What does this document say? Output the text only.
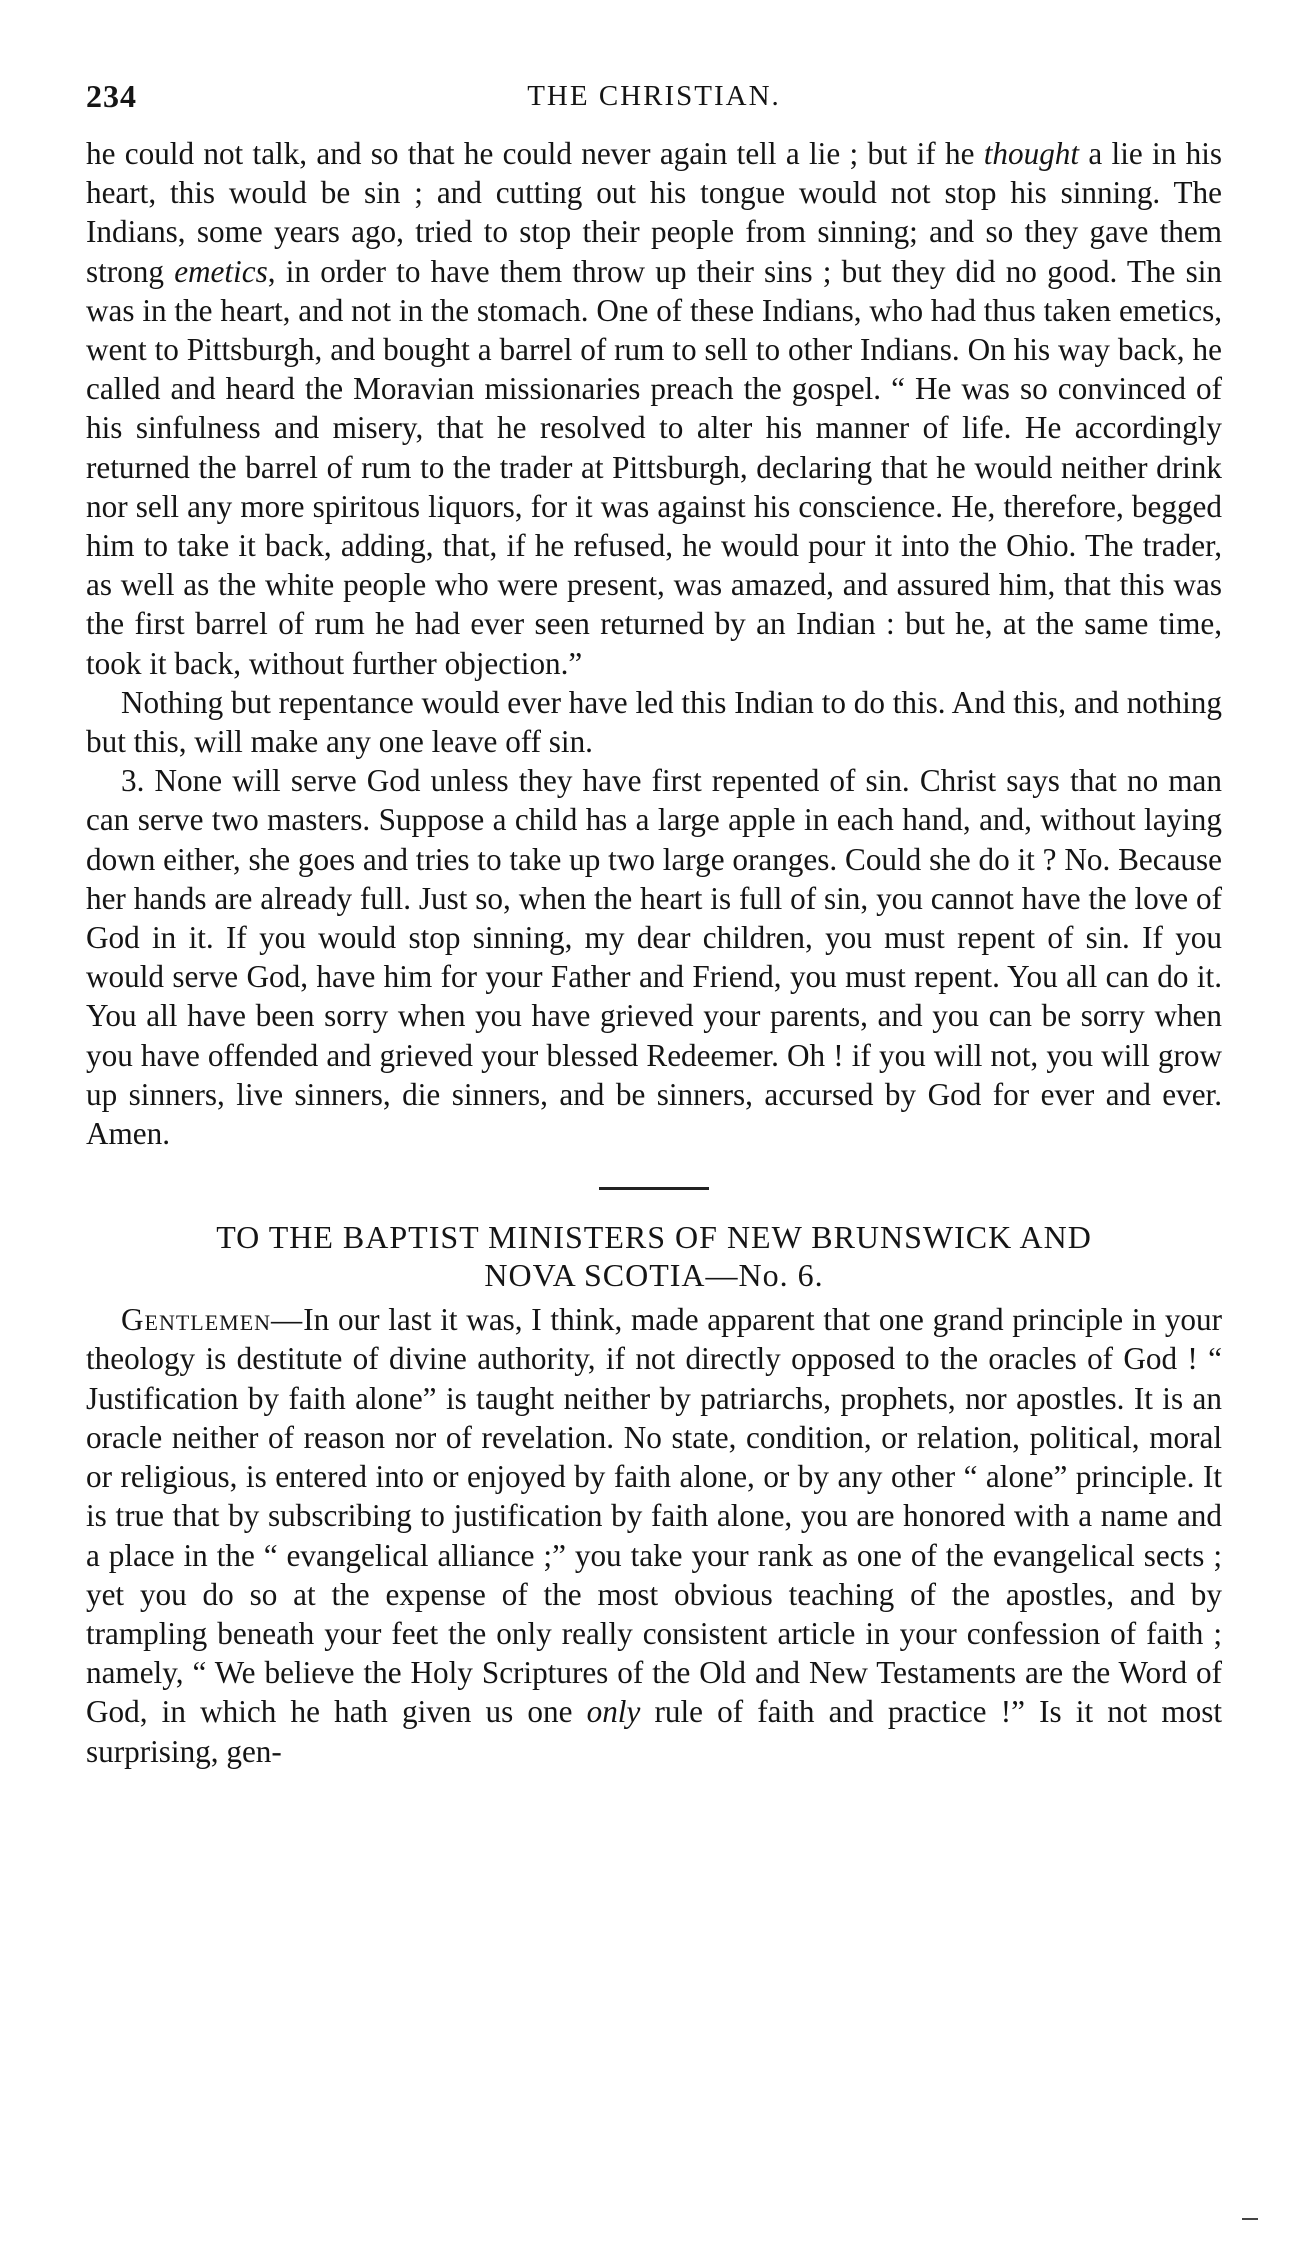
234	THE CHRISTIAN.

he could not talk, and so that he could never again tell a lie ; but if he thought a lie in his heart, this would be sin ; and cutting out his tongue would not stop his sinning. The Indians, some years ago, tried to stop their people from sinning; and so they gave them strong emetics, in order to have them throw up their sins ; but they did no good. The sin was in the heart, and not in the stomach. One of these Indians, who had thus taken emetics, went to Pittsburgh, and bought a barrel of rum to sell to other Indians. On his way back, he called and heard the Moravian missionaries preach the gospel. “ He was so convinced of his sinfulness and misery, that he resolved to alter his manner of life. He accordingly returned the barrel of rum to the trader at Pittsburgh, declaring that he would neither drink nor sell any more spiritous liquors, for it was against his conscience. He, therefore, begged him to take it back, adding, that, if he refused, he would pour it into the Ohio. The trader, as well as the white people who were present, was amazed, and assured him, that this was the first barrel of rum he had ever seen returned by an Indian : but he, at the same time, took it back, without further objection.”

Nothing but repentance would ever have led this Indian to do this. And this, and nothing but this, will make any one leave off sin.

3. None will serve God unless they have first repented of sin. Christ says that no man can serve two masters. Suppose a child has a large apple in each hand, and, without laying down either, she goes and tries to take up two large oranges. Could she do it ? No. Because her hands are already full. Just so, when the heart is full of sin, you cannot have the love of God in it. If you would stop sinning, my dear children, you must repent of sin. If you would serve God, have him for your Father and Friend, you must repent. You all can do it. You all have been sorry when you have grieved your parents, and you can be sorry when you have offended and grieved your blessed Redeemer. Oh ! if you will not, you will grow up sinners, live sinners, die sinners, and be sinners, accursed by God for ever and ever. Amen.

TO THE BAPTIST MINISTERS OF NEW BRUNSWICK AND
NOVA SCOTIA—No. 6.

Gentlemen—In our last it was, I think, made apparent that one grand principle in your theology is destitute of divine authority, if not directly opposed to the oracles of God ! “ Justification by faith alone” is taught neither by patriarchs, prophets, nor apostles. It is an oracle neither of reason nor of revelation. No state, condition, or relation, political, moral or religious, is entered into or enjoyed by faith alone, or by any other “ alone” principle. It is true that by subscribing to justification by faith alone, you are honored with a name and a place in the “ evangelical alliance ;” you take your rank as one of the evangelical sects ; yet you do so at the expense of the most obvious teaching of the apostles, and by trampling beneath your feet the only really consistent article in your confession of faith ; namely, “ We believe the Holy Scriptures of the Old and New Testaments are the Word of God, in which he hath given us one only rule of faith and practice !” Is it not most surprising, gen-
